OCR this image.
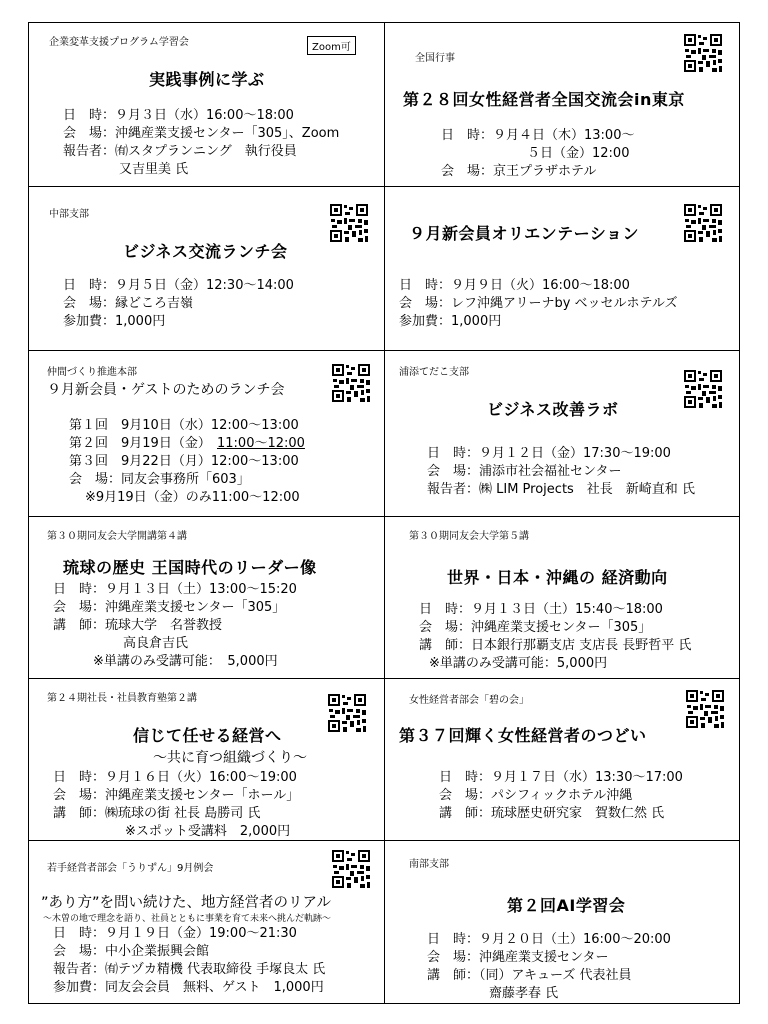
企業変革支援プログラム学習会	Zoom可
実践事例に学ぶ
日　時：９月３日（水）16:00～18:00
会　場：沖縄産業支援センター「305」、Zoom
報告者：㈲スタプランニング　執行役員
又吉里美 氏
全国行事
第２８回女性経営者全国交流会in東京
日　時：９月４日（木）13:00～
５日（金）12:00
会　場：京王プラザホテル
中部支部
ビジネス交流ランチ会
日　時：９月５日（金）12:30～14:00
会　場：縁どころ吉嶺
参加費：1,000円
９月新会員オリエンテーション
日　時：９月９日（火）16:00～18:00
会　場：レフ沖縄アリーナby ベッセルホテルズ
参加費：1,000円
仲間づくり推進本部
９月新会員・ゲストのためのランチ会
第１回　9月10日（水）12:00～13:00
第２回　9月19日（金） 11:00～12:00
第３回　9月22日（月）12:00～13:00
会　場：同友会事務所「603」
※9月19日（金）のみ11:00～12:00
浦添てだこ支部
ビジネス改善ラボ
日　時：９月１２日（金）17:30～19:00
会　場：浦添市社会福祉センター
報告者：㈱ LIM Projects　社長　新崎直和 氏
第３０期同友会大学開講第４講
琉球の歴史 王国時代のリーダー像
日　時：９月１３日（土）13:00～15:20
会　場：沖縄産業支援センター「305」
講　師：琉球大学　名誉教授
高良倉吉氏
※単講のみ受講可能：　5,000円
第３０期同友会大学第５講
世界・日本・沖縄の 経済動向
日　時：９月１３日（土）15:40～18:00
会　場：沖縄産業支援センター「305」
講　師：日本銀行那覇支店 支店長 長野哲平 氏
※単講のみ受講可能：5,000円
第２４期社長・社員教育塾第２講
信じて任せる経営へ
～共に育つ組織づくり～
日　時：９月１６日（火）16:00～19:00
会　場：沖縄産業支援センター「ホール」
講　師：㈱琉球の街 社長 島勝司 氏
※スポット受講料　2,000円
女性経営者部会「碧の会」
第３７回輝く女性経営者のつどい
日　時：９月１７日（水）13:30～17:00
会　場：パシフィックホテル沖縄
講　師：琉球歴史研究家　賀数仁然 氏
若手経営者部会「うりずん」9月例会
”あり方”を問い続けた、地方経営者のリアル
～木曽の地で理念を語り、社員とともに事業を育て未来へ挑んだ軌跡～
日　時：９月１９日（金）19:00～21:30
会　場：中小企業振興会館
報告者：㈲テヅカ精機 代表取締役 手塚良太 氏
参加費：同友会会員　無料、ゲスト　1,000円
南部支部
第２回AI学習会
日　時：９月２０日（土）16:00～20:00
会　場：沖縄産業支援センター
講　師：（同）アキューズ 代表社員
齋藤孝春 氏
